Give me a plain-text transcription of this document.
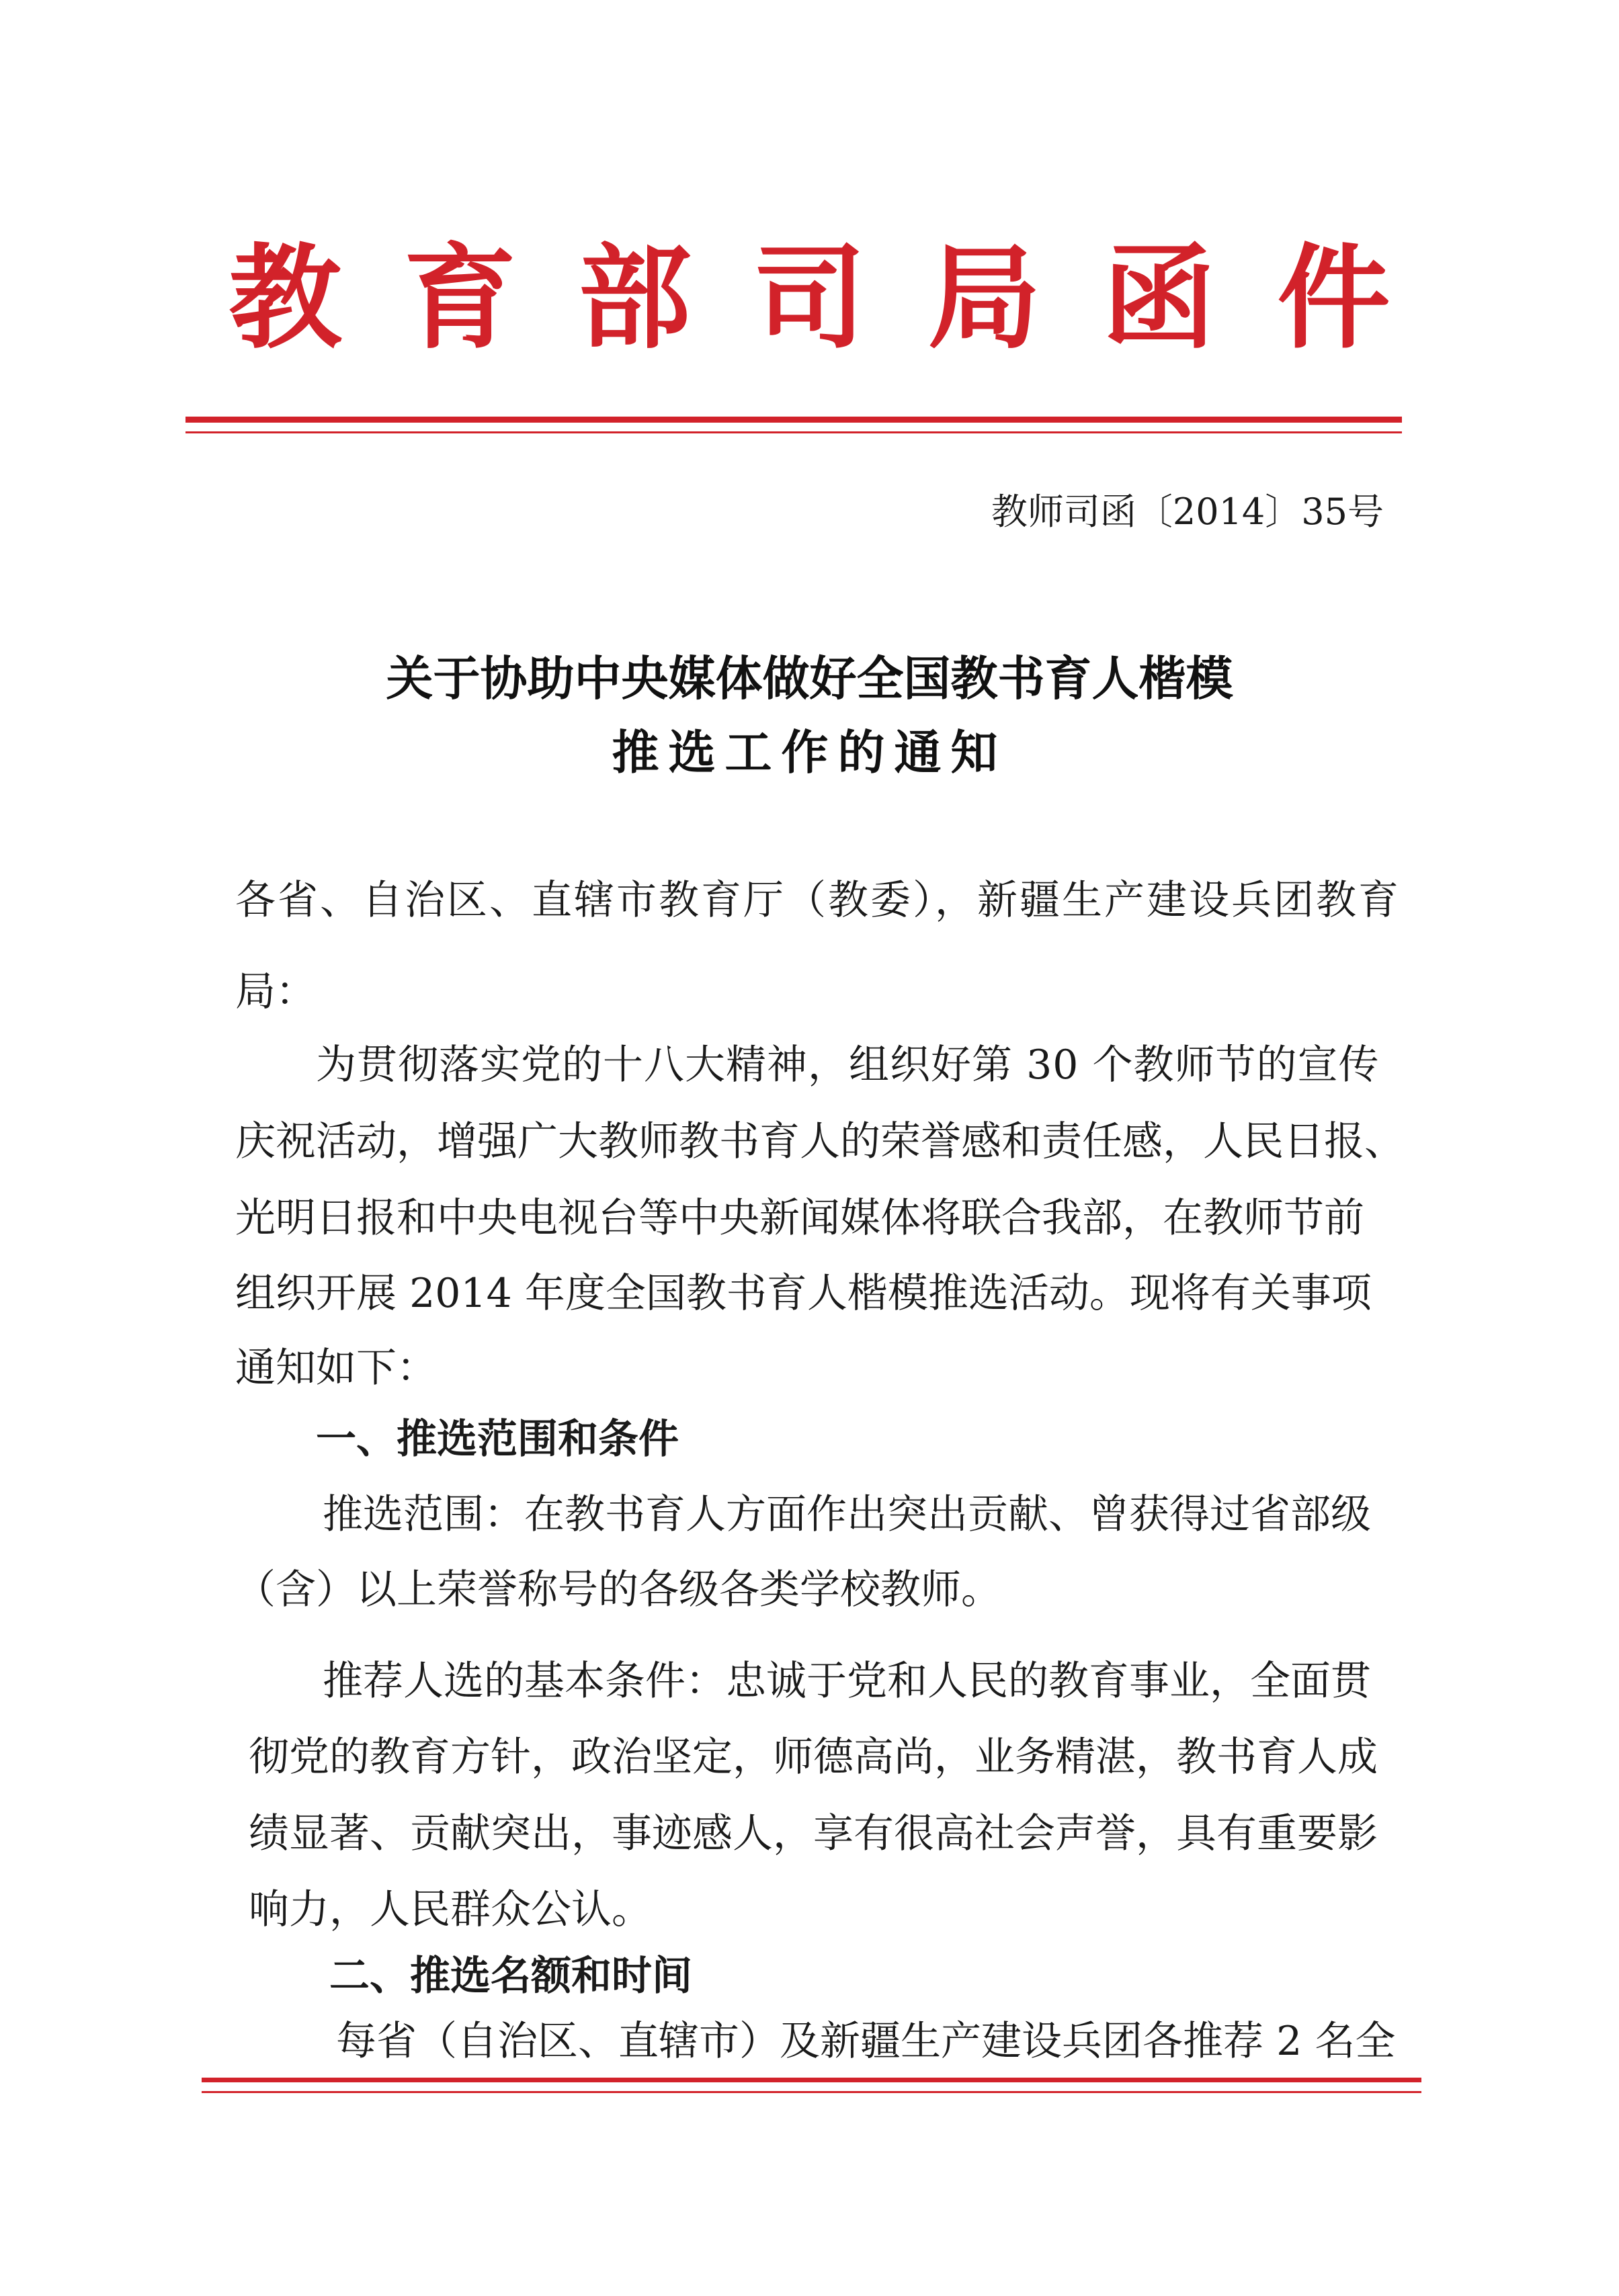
教育部司局函件
教师司函〔2014〕35号
关于协助中央媒体做好全国教书育人楷模
推选工作的通知
各省、自治区、直辖市教育厅（教委），新疆生产建设兵团教育
局：
为贯彻落实党的十八大精神，组织好第 30 个教师节的宣传
庆祝活动，增强广大教师教书育人的荣誉感和责任感，人民日报、
光明日报和中央电视台等中央新闻媒体将联合我部，在教师节前
组织开展 2014 年度全国教书育人楷模推选活动。现将有关事项
通知如下：
一、推选范围和条件
推选范围：在教书育人方面作出突出贡献、曾获得过省部级
（含）以上荣誉称号的各级各类学校教师。
推荐人选的基本条件：忠诚于党和人民的教育事业，全面贯
彻党的教育方针，政治坚定，师德高尚，业务精湛，教书育人成
绩显著、贡献突出，事迹感人，享有很高社会声誉，具有重要影
响力，人民群众公认。
二、推选名额和时间
每省（自治区、直辖市）及新疆生产建设兵团各推荐 2 名全
